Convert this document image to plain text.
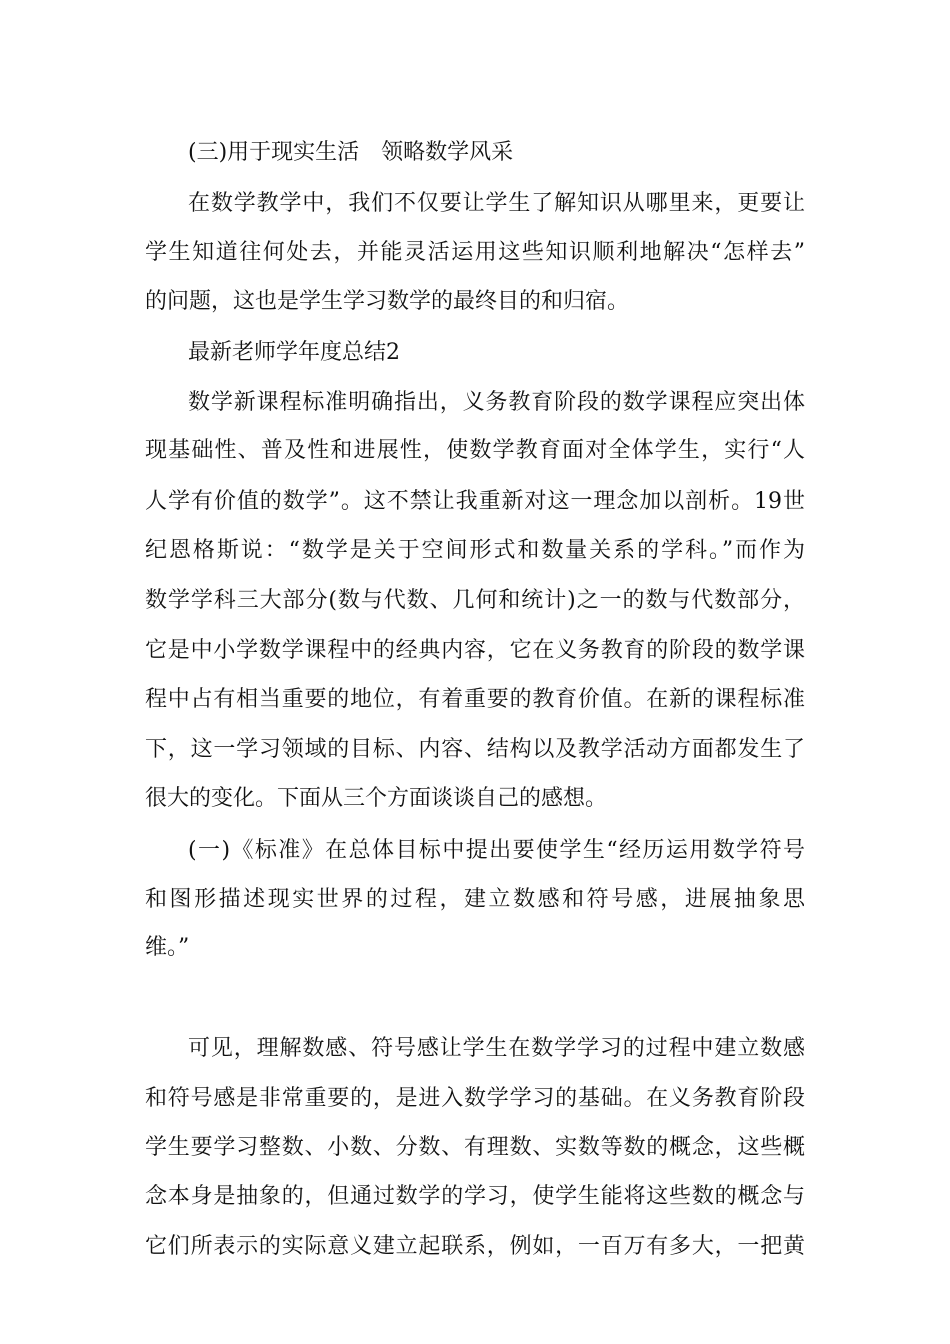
(三)用于现实生活　领略数学风采
在数学教学中，我们不仅要让学生了解知识从哪里来，更要让
学生知道往何处去，并能灵活运用这些知识顺利地解决“怎样去”
的问题，这也是学生学习数学的最终目的和归宿。
最新老师学年度总结2
数学新课程标准明确指出，义务教育阶段的数学课程应突出体
现基础性、普及性和进展性，使数学教育面对全体学生，实行“人
人学有价值的数学”。这不禁让我重新对这一理念加以剖析。19世
纪恩格斯说：“数学是关于空间形式和数量关系的学科。”而作为
数学学科三大部分(数与代数、几何和统计)之一的数与代数部分，
它是中小学数学课程中的经典内容，它在义务教育的阶段的数学课
程中占有相当重要的地位，有着重要的教育价值。在新的课程标准
下，这一学习领域的目标、内容、结构以及教学活动方面都发生了
很大的变化。下面从三个方面谈谈自己的感想。
(一)《标准》在总体目标中提出要使学生“经历运用数学符号
和图形描述现实世界的过程，建立数感和符号感，进展抽象思
维。”
可见，理解数感、符号感让学生在数学学习的过程中建立数感
和符号感是非常重要的，是进入数学学习的基础。在义务教育阶段
学生要学习整数、小数、分数、有理数、实数等数的概念，这些概
念本身是抽象的，但通过数学的学习，使学生能将这些数的概念与
它们所表示的实际意义建立起联系，例如，一百万有多大，一把黄
